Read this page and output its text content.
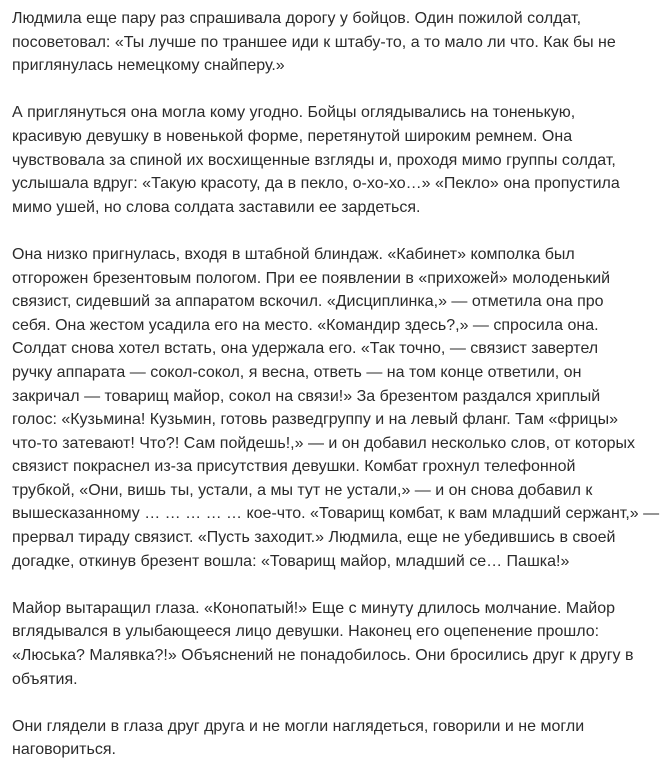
Людмила еще пару раз спрашивала дорогу у бойцов. Один пожилой солдат,
посоветовал: «Ты лучше по траншее иди к штабу-то, а то мало ли что. Как бы не
приглянулась немецкому снайперу.»

А приглянуться она могла кому угодно. Бойцы оглядывались на тоненькую,
красивую девушку в новенькой форме, перетянутой широким ремнем. Она
чувствовала за спиной их восхищенные взгляды и, проходя мимо группы солдат,
услышала вдруг: «Такую красоту, да в пекло, о-хо-хо…» «Пекло» она пропустила
мимо ушей, но слова солдата заставили ее зардеться.

Она низко пригнулась, входя в штабной блиндаж. «Кабинет» комполка был
отгорожен брезентовым пологом. При ее появлении в «прихожей» молоденький
связист, сидевший за аппаратом вскочил. «Дисциплинка,» — отметила она про
себя. Она жестом усадила его на место. «Командир здесь?,» — спросила она.
Солдат снова хотел встать, она удержала его. «Так точно, — связист завертел
ручку аппарата — сокол-сокол, я весна, ответь — на том конце ответили, он
закричал — товарищ майор, сокол на связи!» За брезентом раздался хриплый
голос: «Кузьмина! Кузьмин, готовь разведгруппу и на левый фланг. Там «фрицы»
что-то затевают! Что?! Сам пойдешь!,» — и он добавил несколько слов, от которых
связист покраснел из-за присутствия девушки. Комбат грохнул телефонной
трубкой, «Они, вишь ты, устали, а мы тут не устали,» — и он снова добавил к
вышесказанному … … … … … кое-что. «Товарищ комбат, к вам младший сержант,» —
прервал тираду связист. «Пусть заходит.» Людмила, еще не убедившись в своей
догадке, откинув брезент вошла: «Товарищ майор, младший се… Пашка!»

Майор вытаращил глаза. «Конопатый!» Еще с минуту длилось молчание. Майор
вглядывался в улыбающееся лицо девушки. Наконец его оцепенение прошло:
«Люська? Малявка?!» Объяснений не понадобилось. Они бросились друг к другу в
объятия.

Они глядели в глаза друг друга и не могли наглядеться, говорили и не могли
наговориться.
